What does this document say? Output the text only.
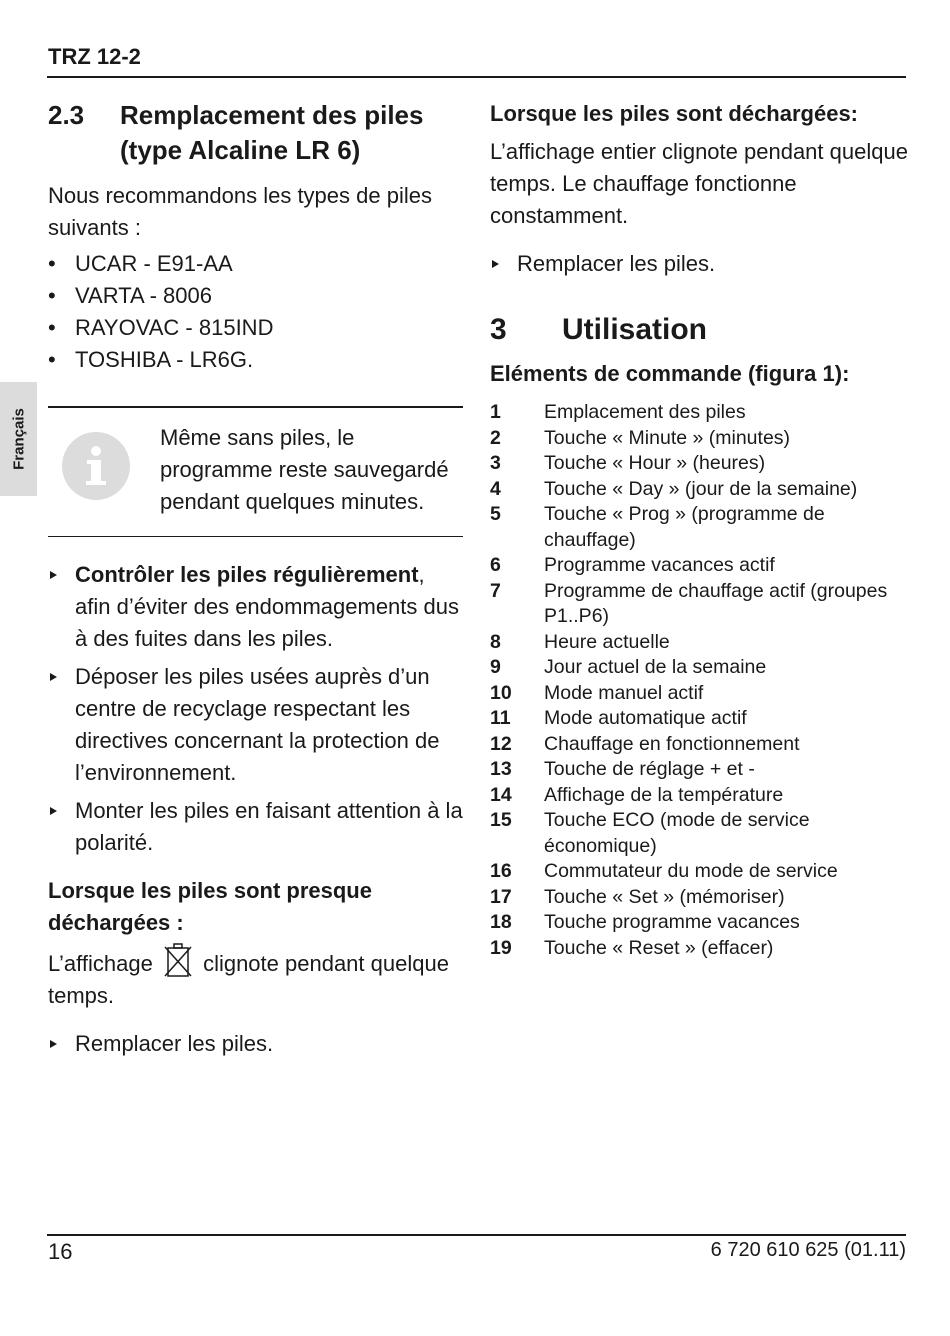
TRZ 12-2
Français
2.3	Remplacement des piles (type Alcaline LR 6)

Nous recommandons les types de piles suivants :

• UCAR - E91-AA
• VARTA - 8006
• RAYOVAC - 815IND
• TOSHIBA - LR6G.
Même sans piles, le programme reste sauvegardé pendant quelques minutes.
Contrôler les piles régulièrement, afin d’éviter des endommagements dus à des fuites dans les piles.
Déposer les piles usées auprès d’un centre de recyclage respectant les directives concernant la protection de l’environnement.
Monter les piles en faisant attention à la polarité.
Lorsque les piles sont presque déchargées :

L’affichage clignote pendant quelque temps.

Remplacer les piles.
Lorsque les piles sont déchargées:

L’affichage entier clignote pendant quelque temps. Le chauffage fonctionne constamment.

Remplacer les piles.
3	Utilisation
Eléments de commande (figura 1):
1	Emplacement des piles
2	Touche « Minute » (minutes)
3	Touche « Hour » (heures)
4	Touche « Day » (jour de la semaine)
5	Touche « Prog » (programme de chauffage)
6	Programme vacances actif
7	Programme de chauffage actif (groupes P1..P6)
8	Heure actuelle
9	Jour actuel de la semaine
10	Mode manuel actif
11	Mode automatique actif
12	Chauffage en fonctionnement
13	Touche de réglage + et -
14	Affichage de la température
15	Touche ECO (mode de service économique)
16	Commutateur du mode de service
17	Touche « Set » (mémoriser)
18	Touche programme vacances
19	Touche « Reset » (effacer)
16	6 720 610 625 (01.11)
